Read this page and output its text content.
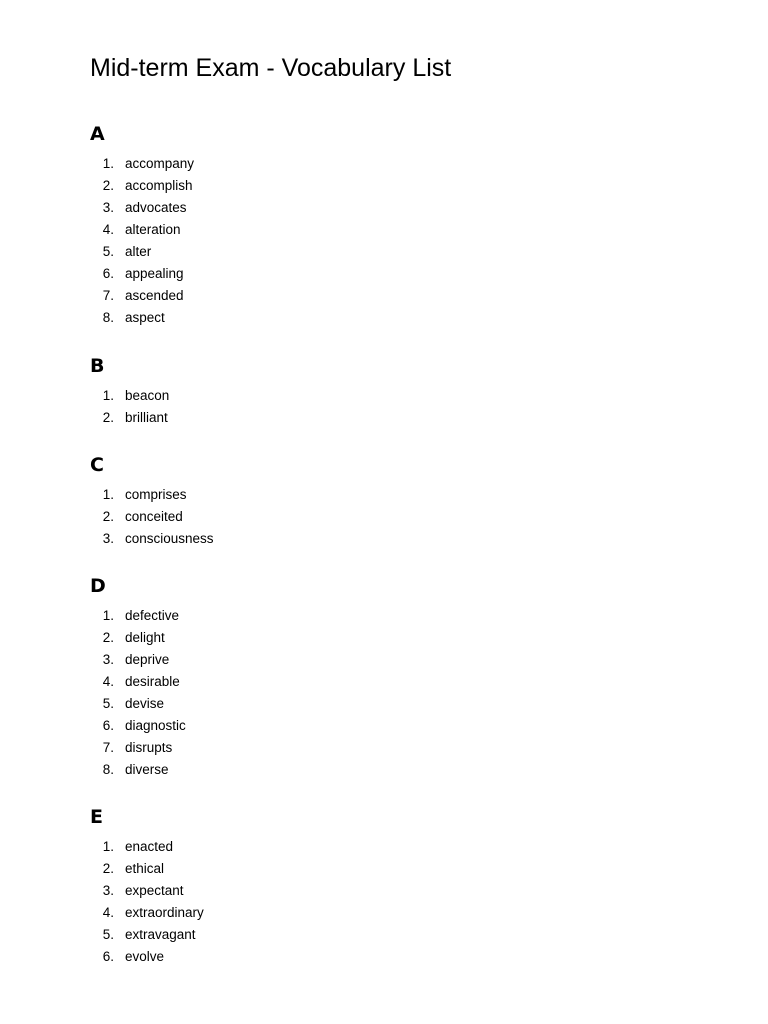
Mid-term Exam - Vocabulary List
A
1. accompany
2. accomplish
3. advocates
4. alteration
5. alter
6. appealing
7. ascended
8. aspect
B
1. beacon
2. brilliant
C
1. comprises
2. conceited
3. consciousness
D
1. defective
2. delight
3. deprive
4. desirable
5. devise
6. diagnostic
7. disrupts
8. diverse
E
1. enacted
2. ethical
3. expectant
4. extraordinary
5. extravagant
6. evolve
